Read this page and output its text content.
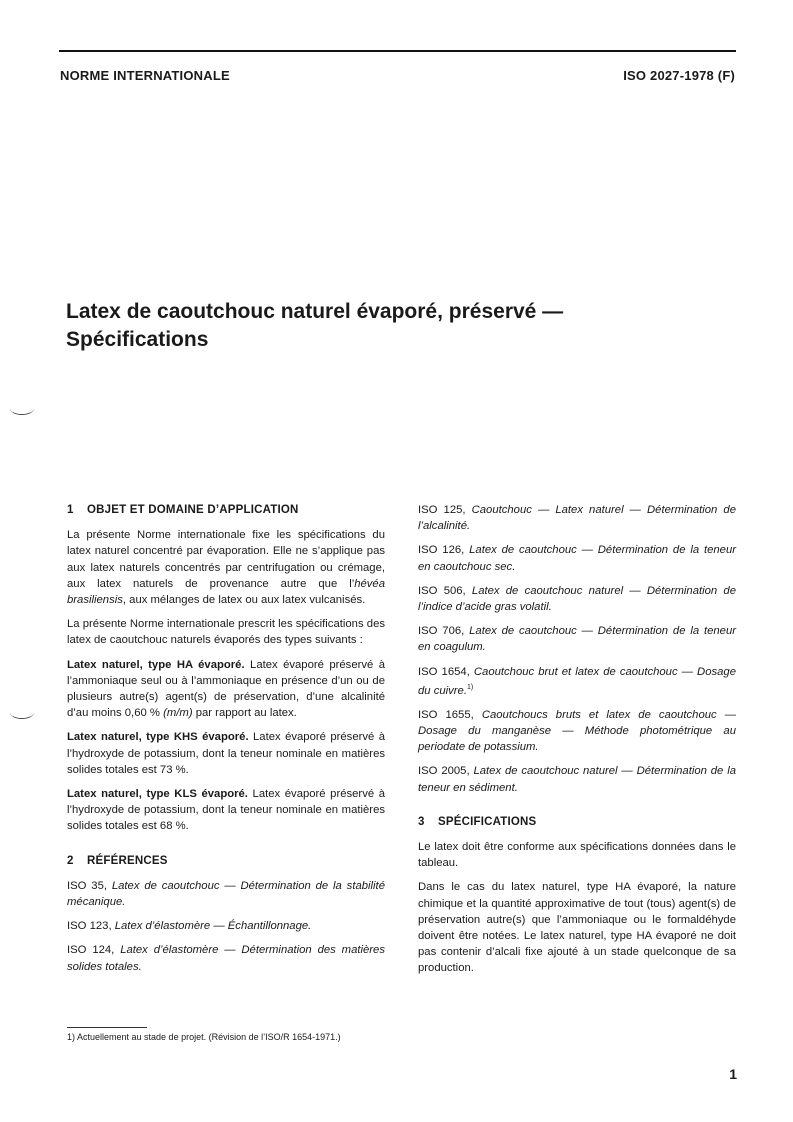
NORME INTERNATIONALE	ISO 2027-1978 (F)
Latex de caoutchouc naturel évaporé, préservé —
Spécifications
1 OBJET ET DOMAINE D’APPLICATION

La présente Norme internationale fixe les spécifications du latex naturel concentré par évaporation. Elle ne s’applique pas aux latex naturels concentrés par centrifugation ou crémage, aux latex naturels de provenance autre que l’hévéa brasiliensis, aux mélanges de latex ou aux latex vulcanisés.

La présente Norme internationale prescrit les spécifications des latex de caoutchouc naturels évaporés des types suivants :

Latex naturel, type HA évaporé. Latex évaporé préservé à l’ammoniaque seul ou à l’ammoniaque en présence d’un ou de plusieurs autre(s) agent(s) de préservation, d’une alcalinité d’au moins 0,60 % (m/m) par rapport au latex.

Latex naturel, type KHS évaporé. Latex évaporé préservé à l’hydroxyde de potassium, dont la teneur nominale en matières solides totales est 73 %.

Latex naturel, type KLS évaporé. Latex évaporé préservé à l’hydroxyde de potassium, dont la teneur nominale en matières solides totales est 68 %.

2 RÉFÉRENCES

ISO 35, Latex de caoutchouc — Détermination de la stabilité mécanique.

ISO 123, Latex d’élastomère — Échantillonnage.

ISO 124, Latex d’élastomère — Détermination des matières solides totales.

ISO 125, Caoutchouc — Latex naturel — Détermination de l’alcalinité.

ISO 126, Latex de caoutchouc — Détermination de la teneur en caoutchouc sec.

ISO 506, Latex de caoutchouc naturel — Détermination de l’indice d’acide gras volatil.

ISO 706, Latex de caoutchouc — Détermination de la teneur en coagulum.

ISO 1654, Caoutchouc brut et latex de caoutchouc — Dosage du cuivre.$^{1)}$

ISO 1655, Caoutchoucs bruts et latex de caoutchouc — Dosage du manganèse — Méthode photométrique au periodate de potassium.

ISO 2005, Latex de caoutchouc naturel — Détermination de la teneur en sédiment.

3 SPÉCIFICATIONS

Le latex doit être conforme aux spécifications données dans le tableau.

Dans le cas du latex naturel, type HA évaporé, la nature chimique et la quantité approximative de tout (tous) agent(s) de préservation autre(s) que l’ammoniaque ou le formaldéhyde doivent être notées. Le latex naturel, type HA évaporé ne doit pas contenir d’alcali fixe ajouté à un stade quelconque de sa production.

1) Actuellement au stade de projet. (Révision de l’ISO/R 1654-1971.)
1
